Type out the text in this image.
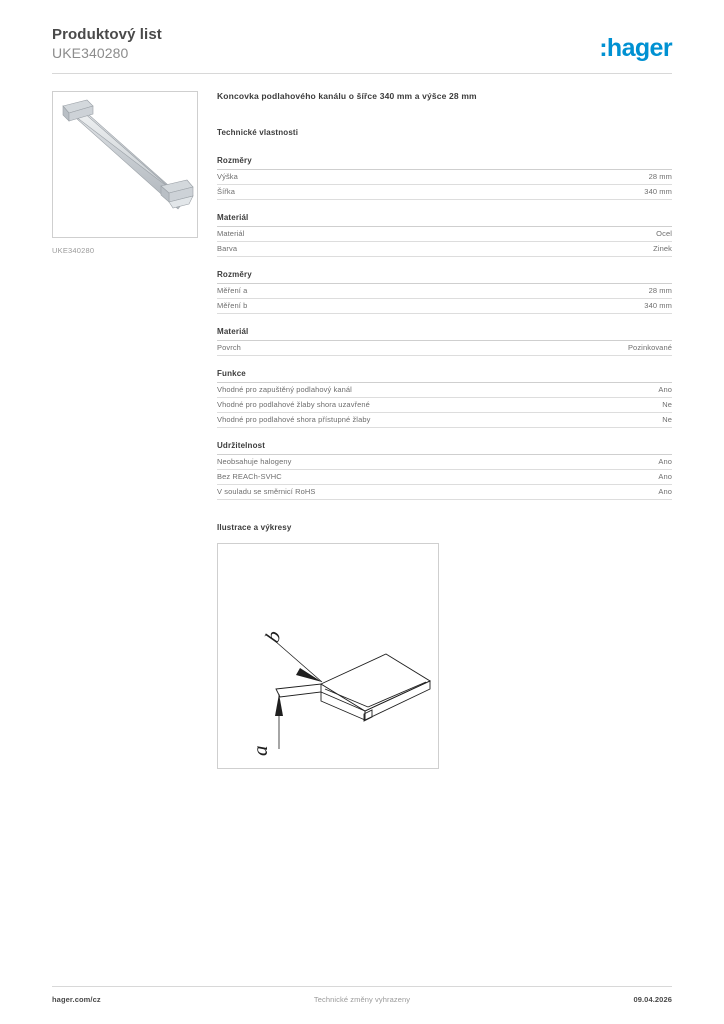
Produktový list
UKE340280	:hager
UKE340280
Koncovka podlahového kanálu o šířce 340 mm a výšce 28 mm
Technické vlastnosti
Rozměry
Výška	28 mm
Šířka	340 mm
Materiál
Materiál	Ocel
Barva	Zinek
Rozměry
Měření a	28 mm
Měření b	340 mm
Materiál
Povrch	Pozinkované
Funkce
Vhodné pro zapuštěný podlahový kanál	Ano
Vhodné pro podlahové žlaby shora uzavřené	Ne
Vhodné pro podlahové shora přístupné žlaby	Ne
Udržitelnost
Neobsahuje halogeny	Ano
Bez REACh-SVHC	Ano
V souladu se směrnicí RoHS	Ano
Ilustrace a výkresy
a
b
hager.com/cz	Technické změny vyhrazeny	09.04.2026
